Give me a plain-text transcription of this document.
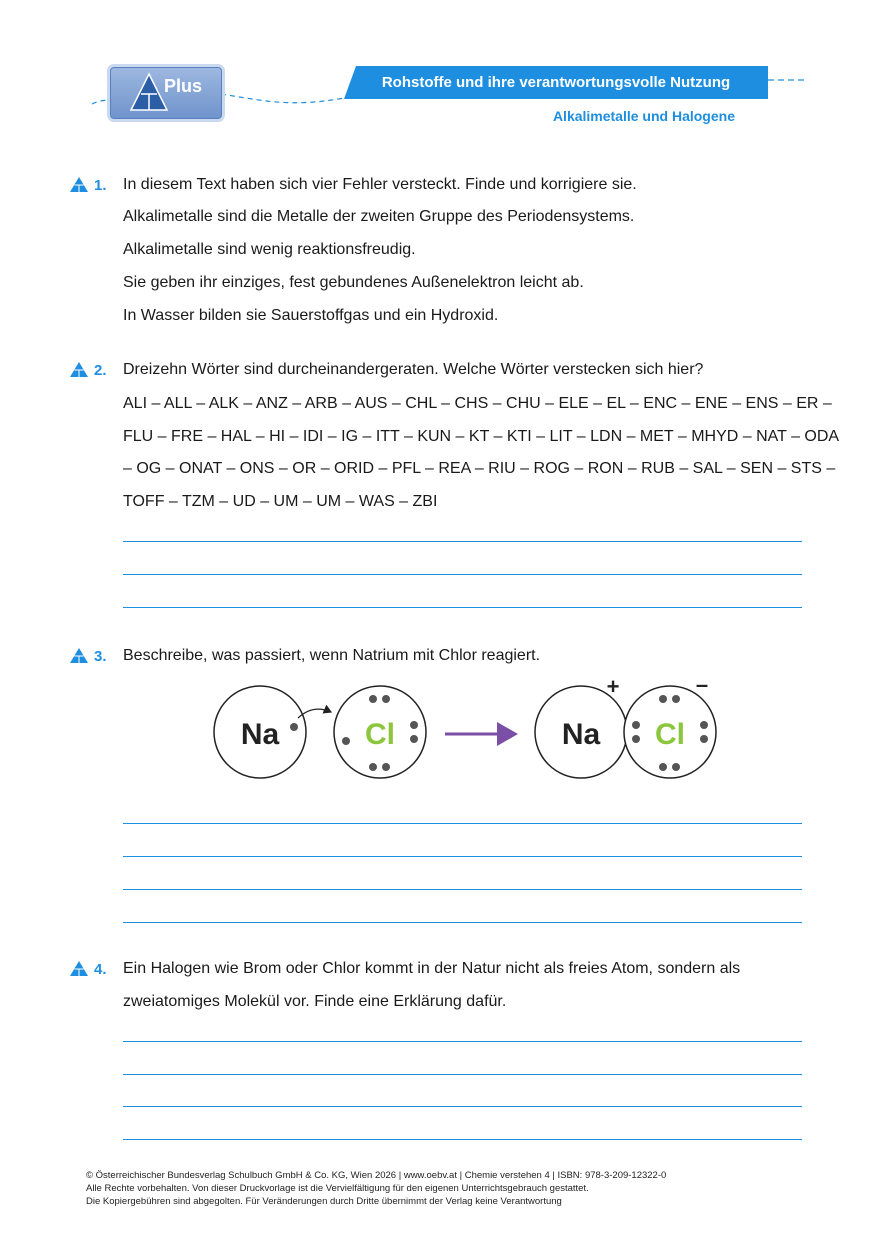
Plus	Rohstoffe und ihre verantwortungsvolle Nutzung
Alkalimetalle und Halogene
1. In diesem Text haben sich vier Fehler versteckt. Finde und korrigiere sie.
Alkalimetalle sind die Metalle der zweiten Gruppe des Periodensystems.
Alkalimetalle sind wenig reaktionsfreudig.
Sie geben ihr einziges, fest gebundenes Außenelektron leicht ab.
In Wasser bilden sie Sauerstoffgas und ein Hydroxid.
2. Dreizehn Wörter sind durcheinandergeraten. Welche Wörter verstecken sich hier?
ALI – ALL – ALK – ANZ – ARB – AUS – CHL – CHS – CHU – ELE – EL – ENC – ENE – ENS – ER –
FLU – FRE – HAL – HI – IDI – IG – ITT – KUN – KT – KTI – LIT – LDN – MET – MHYD – NAT – ODA
– OG – ONAT – ONS – OR – ORID – PFL – REA – RIU – ROG – RON – RUB – SAL – SEN – STS –
TOFF – TZM – UD – UM – UM – WAS – ZBI
3. Beschreibe, was passiert, wenn Natrium mit Chlor reagiert.
Na	Cl	Na
+
Cl
–
4. Ein Halogen wie Brom oder Chlor kommt in der Natur nicht als freies Atom, sondern als
zweiatomiges Molekül vor. Finde eine Erklärung dafür.
© Österreichischer Bundesverlag Schulbuch GmbH & Co. KG, Wien 2026 | www.oebv.at | Chemie verstehen 4 | ISBN: 978-3-209-12322-0
Alle Rechte vorbehalten. Von dieser Druckvorlage ist die Vervielfältigung für den eigenen Unterrichtsgebrauch gestattet.
Die Kopiergebühren sind abgegolten. Für Veränderungen durch Dritte übernimmt der Verlag keine Verantwortung
